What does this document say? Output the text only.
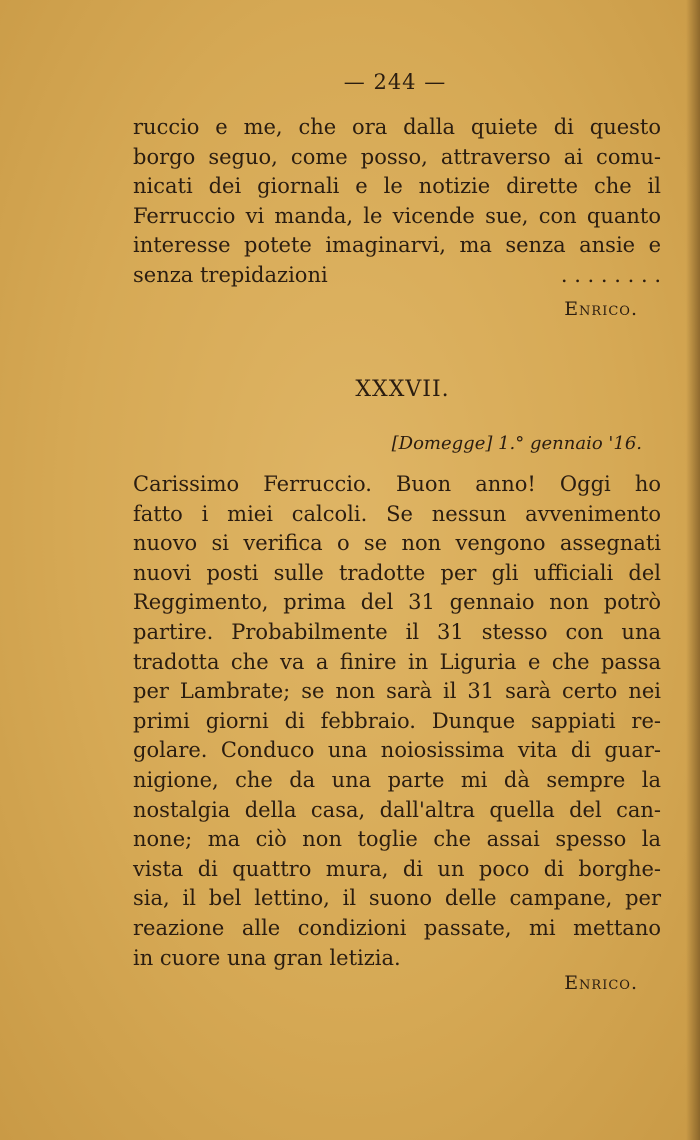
— 244 —

ruccio e me, che ora dalla quiete di questo

borgo seguo, come posso, attraverso ai comu-

nicati dei giornali e le notizie dirette che il

Ferruccio vi manda, le vicende sue, con quanto

interesse potete imaginarvi, ma senza ansie e

senza trepidazioni	. . . . . . . .

Enrico.
XXXVII.
[Domegge] 1.° gennaio '16.

Carissimo Ferruccio. Buon anno! Oggi ho

fatto i miei calcoli. Se nessun avvenimento

nuovo si verifica o se non vengono assegnati

nuovi posti sulle tradotte per gli ufficiali del

Reggimento, prima del 31 gennaio non potrò

partire. Probabilmente il 31 stesso con una

tradotta che va a finire in Liguria e che passa

per Lambrate; se non sarà il 31 sarà certo nei

primi giorni di febbraio. Dunque sappiati re-

golare. Conduco una noiosissima vita di guar-

nigione, che da una parte mi dà sempre la

nostalgia della casa, dall'altra quella del can-

none; ma ciò non toglie che assai spesso la

vista di quattro mura, di un poco di borghe-

sia, il bel lettino, il suono delle campane, per

reazione alle condizioni passate, mi mettano

in cuore una gran letizia.

Enrico.
